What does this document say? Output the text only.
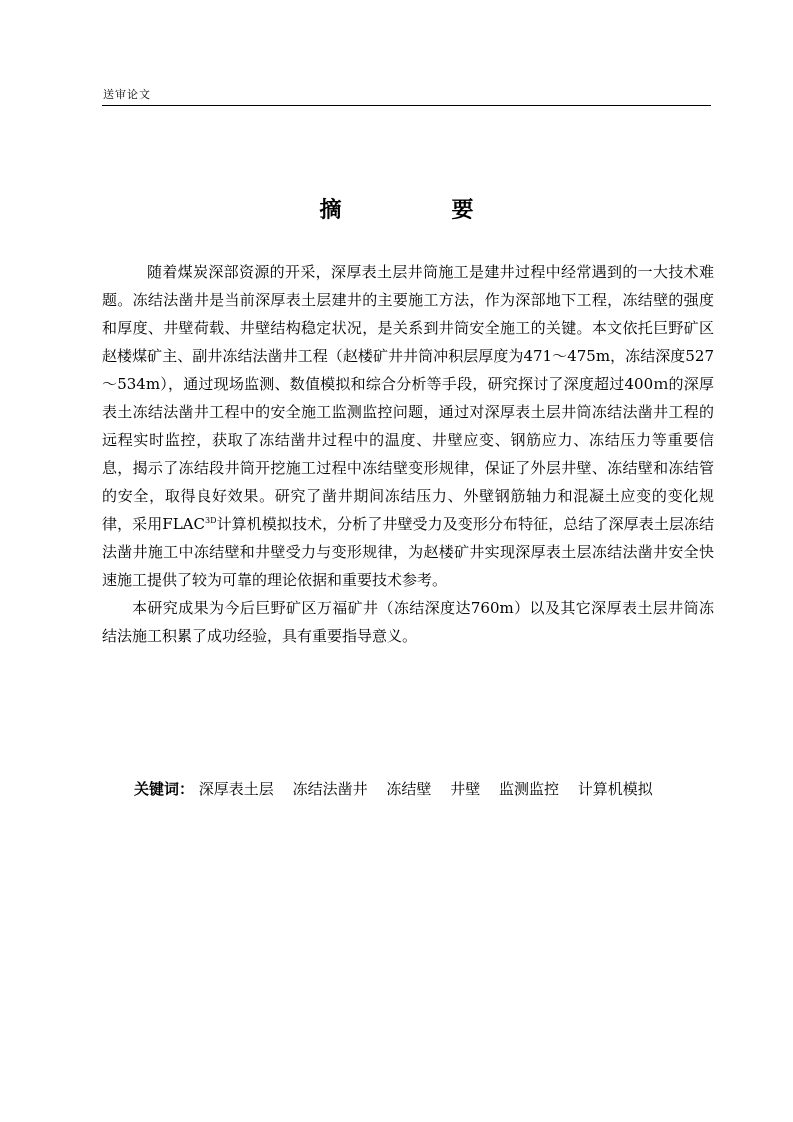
送审论文
摘　要

随着煤炭深部资源的开采，深厚表土层井筒施工是建井过程中经常遇到的一大技术难题。冻结法凿井是当前深厚表土层建井的主要施工方法，作为深部地下工程，冻结壁的强度和厚度、井壁荷载、井壁结构稳定状况，是关系到井筒安全施工的关键。本文依托巨野矿区赵楼煤矿主、副井冻结法凿井工程（赵楼矿井井筒冲积层厚度为471～475m，冻结深度527～534m），通过现场监测、数值模拟和综合分析等手段，研究探讨了深度超过400ｍ的深厚表土冻结法凿井工程中的安全施工监测监控问题，通过对深厚表土层井筒冻结法凿井工程的远程实时监控，获取了冻结凿井过程中的温度、井壁应变、钢筋应力、冻结压力等重要信息，揭示了冻结段井筒开挖施工过程中冻结壁变形规律，保证了外层井壁、冻结壁和冻结管的安全，取得良好效果。研究了凿井期间冻结压力、外壁钢筋轴力和混凝土应变的变化规律，采用$FLAC^{3D}$计算机模拟技术，分析了井壁受力及变形分布特征，总结了深厚表土层冻结法凿井施工中冻结壁和井壁受力与变形规律，为赵楼矿井实现深厚表土层冻结法凿井安全快速施工提供了较为可靠的理论依据和重要技术参考。

本研究成果为今后巨野矿区万福矿井（冻结深度达760m）以及其它深厚表土层井筒冻结法施工积累了成功经验，具有重要指导意义。

关键词： 深厚表土层 冻结法凿井 冻结壁 井壁 监测监控 计算机模拟
